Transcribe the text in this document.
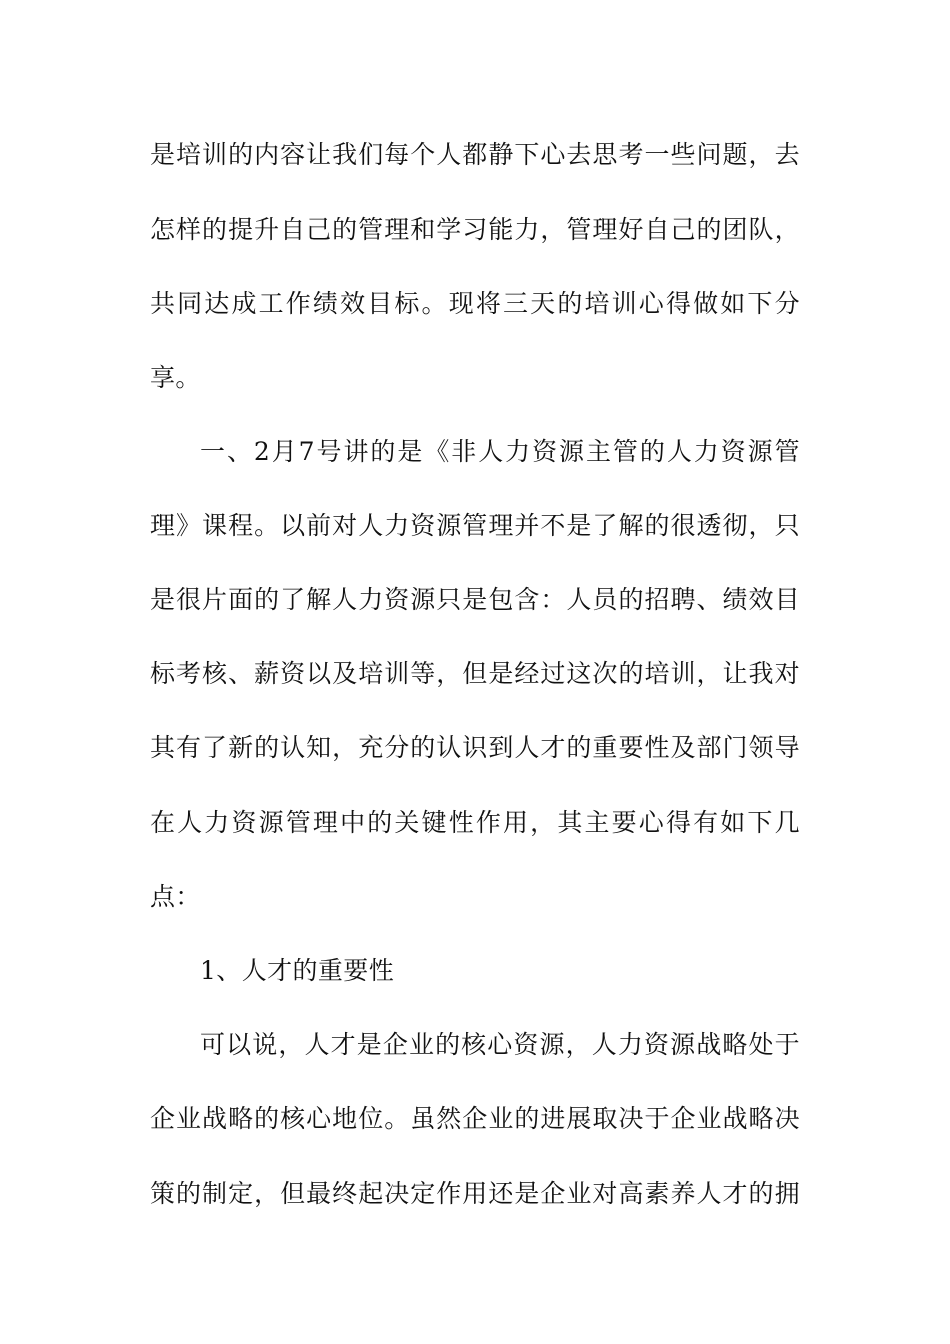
是培训的内容让我们每个人都静下心去思考一些问题，去
怎样的提升自己的管理和学习能力，管理好自己的团队，
共同达成工作绩效目标。现将三天的培训心得做如下分
享。
一、2月7号讲的是《非人力资源主管的人力资源管
理》课程。以前对人力资源管理并不是了解的很透彻，只
是很片面的了解人力资源只是包含：人员的招聘、绩效目
标考核、薪资以及培训等，但是经过这次的培训，让我对
其有了新的认知，充分的认识到人才的重要性及部门领导
在人力资源管理中的关键性作用，其主要心得有如下几
点：
1、人才的重要性
可以说，人才是企业的核心资源，人力资源战略处于
企业战略的核心地位。虽然企业的进展取决于企业战略决
策的制定，但最终起决定作用还是企业对高素养人才的拥
